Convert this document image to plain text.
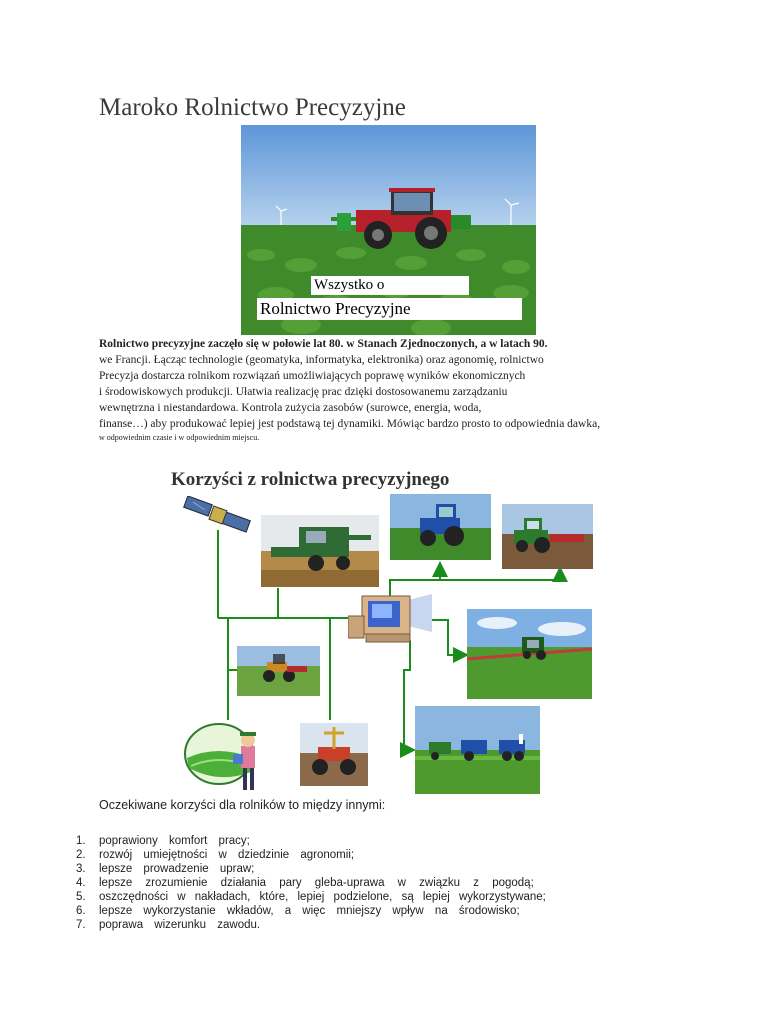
Maroko Rolnictwo Precyzyjne
Wszystko o
Rolnictwo Precyzyjne
Rolnictwo precyzyjne zaczęło się w połowie lat 80. w Stanach Zjednoczonych, a w latach 90.
we Francji. Łącząc technologie (geomatyka, informatyka, elektronika) oraz agonomię, rolnictwo
Precyzja dostarcza rolnikom rozwiązań umożliwiających poprawę wyników ekonomicznych
i środowiskowych produkcji. Ułatwia realizację prac dzięki dostosowanemu zarządzaniu
wewnętrzna i niestandardowa. Kontrola zużycia zasobów (surowce, energia, woda,
finanse…) aby produkować lepiej jest podstawą tej dynamiki. Mówiąc bardzo prosto to odpowiednia dawka,
w odpowiednim czasie i w odpowiednim miejscu.
Korzyści z rolnictwa precyzyjnego
Oczekiwane korzyści dla rolników to między innymi:
1.	poprawiony komfort pracy;
2.	rozwój umiejętności w dziedzinie agronomii;
3.	lepsze prowadzenie upraw;
4.	lepsze zrozumienie działania pary gleba-uprawa w związku z pogodą;
5.	oszczędności w nakładach, które, lepiej podzielone, są lepiej wykorzystywane;
6.	lepsze wykorzystanie wkładów, a więc mniejszy wpływ na środowisko;
7.	poprawa wizerunku zawodu.
